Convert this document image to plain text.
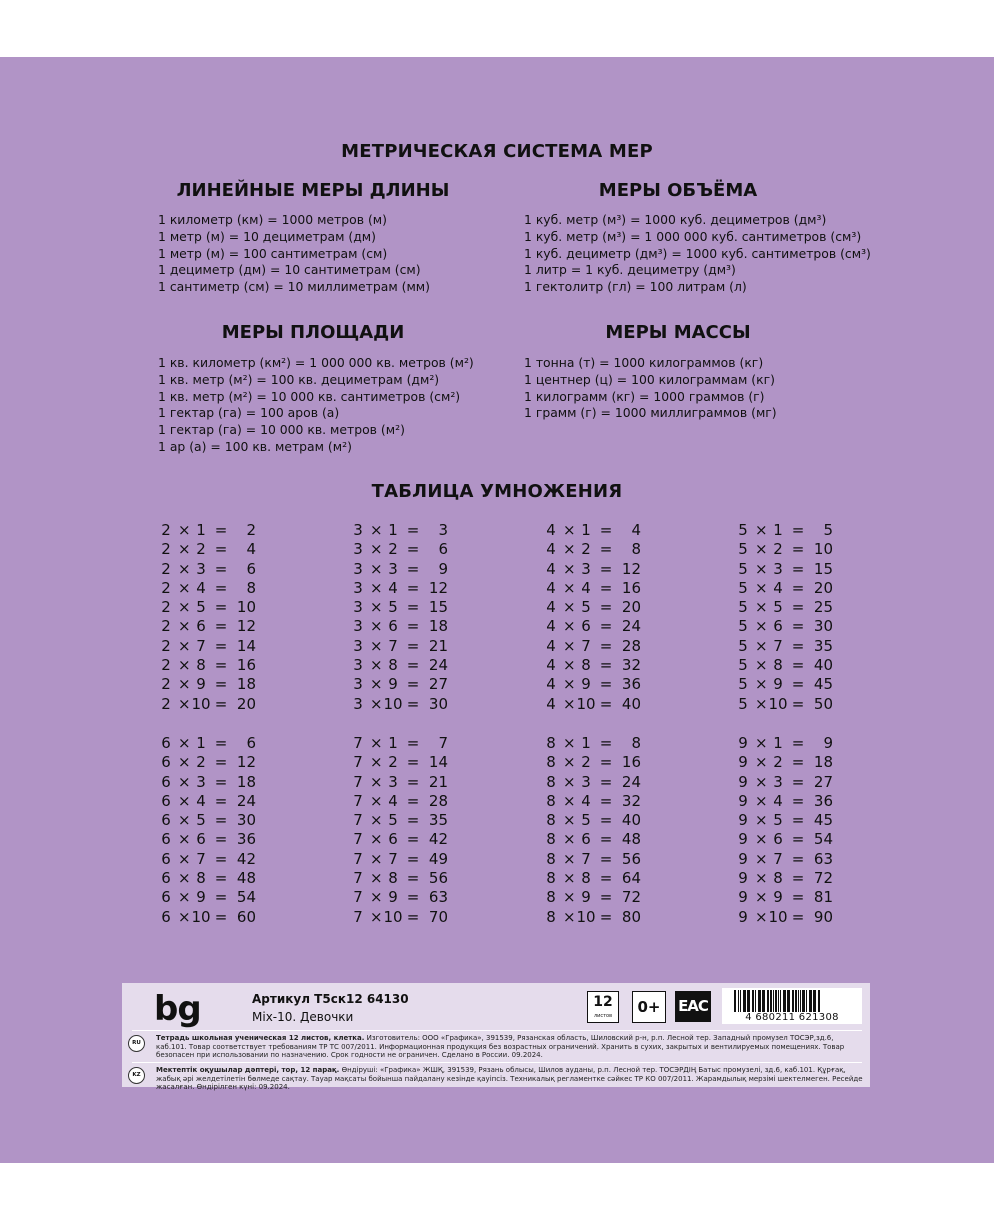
МЕТРИЧЕСКАЯ СИСТЕМА МЕР
ЛИНЕЙНЫЕ МЕРЫ ДЛИНЫ
1 километр (км) = 1000 метров (м)
1 метр (м) = 10 дециметрам (дм)
1 метр (м) = 100 сантиметрам (см)
1 дециметр (дм) = 10 сантиметрам (см)
1 сантиметр (см) = 10 миллиметрам (мм)
МЕРЫ ОБЪЁМА
1 куб. метр (м³) = 1000 куб. дециметров (дм³)
1 куб. метр (м³) = 1 000 000 куб. сантиметров (см³)
1 куб. дециметр (дм³) = 1000 куб. сантиметров (см³)
1 литр = 1 куб. дециметру (дм³)
1 гектолитр (гл) = 100 литрам (л)
МЕРЫ ПЛОЩАДИ
1 кв. километр (км²) = 1 000 000 кв. метров (м²)
1 кв. метр (м²) = 100 кв. дециметрам (дм²)
1 кв. метр (м²) = 10 000 кв. сантиметров (см²)
1 гектар (га) = 100 аров (а)
1 гектар (га) = 10 000 кв. метров (м²)
1 ар (а) = 100 кв. метрам (м²)
МЕРЫ МАССЫ
1 тонна (т) = 1000 килограммов (кг)
1 центнер (ц) = 100 килограммам (кг)
1 килограмм (кг) = 1000 граммов (г)
1 грамм (г) = 1000 миллиграммов (мг)
ТАБЛИЦА УМНОЖЕНИЯ
2 × 1 =	2
2 × 2 =	4
2 × 3 =	6
2 × 4 =	8
2 × 5 = 10
2 × 6 = 12
2 × 7 = 14
2 × 8 = 16
2 × 9 = 18
2 × 10 = 20
3 × 1 =	3
3 × 2 =	6
3 × 3 =	9
3 × 4 = 12
3 × 5 = 15
3 × 6 = 18
3 × 7 = 21
3 × 8 = 24
3 × 9 = 27
3 × 10 = 30
4 × 1 =	4
4 × 2 =	8
4 × 3 = 12
4 × 4 = 16
4 × 5 = 20
4 × 6 = 24
4 × 7 = 28
4 × 8 = 32
4 × 9 = 36
4 × 10 = 40
5 × 1 =	5
5 × 2 = 10
5 × 3 = 15
5 × 4 = 20
5 × 5 = 25
5 × 6 = 30
5 × 7 = 35
5 × 8 = 40
5 × 9 = 45
5 × 10 = 50
6 × 1 =	6
6 × 2 = 12
6 × 3 = 18
6 × 4 = 24
6 × 5 = 30
6 × 6 = 36
6 × 7 = 42
6 × 8 = 48
6 × 9 = 54
6 × 10 = 60
7 × 1 =	7
7 × 2 = 14
7 × 3 = 21
7 × 4 = 28
7 × 5 = 35
7 × 6 = 42
7 × 7 = 49
7 × 8 = 56
7 × 9 = 63
7 × 10 = 70
8 × 1 =	8
8 × 2 = 16
8 × 3 = 24
8 × 4 = 32
8 × 5 = 40
8 × 6 = 48
8 × 7 = 56
8 × 8 = 64
8 × 9 = 72
8 × 10 = 80
9 × 1 =	9
9 × 2 = 18
9 × 3 = 27
9 × 4 = 36
9 × 5 = 45
9 × 6 = 54
9 × 7 = 63
9 × 8 = 72
9 × 9 = 81
9 × 10 = 90
bg	Артикул Т5ск12 64130
Mix-10. Девочки
12
листов	0+	EAC
4 680211 621308
RU
Тетрадь школьная ученическая 12 листов, клетка. Изготовитель: ООО «Графика», 391539, Рязанская область, Шиловский р-н, р.п. Лесной тер. Западный промузел ТОСЭР,зд.6, каб.101. Товар соответствует требованиям ТР ТС 007/2011. Информационная продукция без возрастных ограничений. Хранить в сухих, закрытых и вентилируемых помещениях. Товар безопасен при использовании по назначению. Срок годности не ограничен. Сделано в России. 09.2024.
KZ
Мектептік оқушылар дәптері, тор, 12 парақ. Өндіруші: «Графика» ЖШҚ, 391539, Рязань облысы, Шилов ауданы, р.п. Лесной тер. ТОСЭРДІҢ Батыс промузелі, зд.6, каб.101. Құрғақ, жабық әрі желдетілетін бөлмеде сақтау. Тауар мақсаты бойынша пайдалану кезінде қауіпсіз. Техникалық регламентке сәйкес ТР КО 007/2011. Жарамдылық мерзімі шектелмеген. Ресейде жасалған. Өндірілген күні: 09.2024.
